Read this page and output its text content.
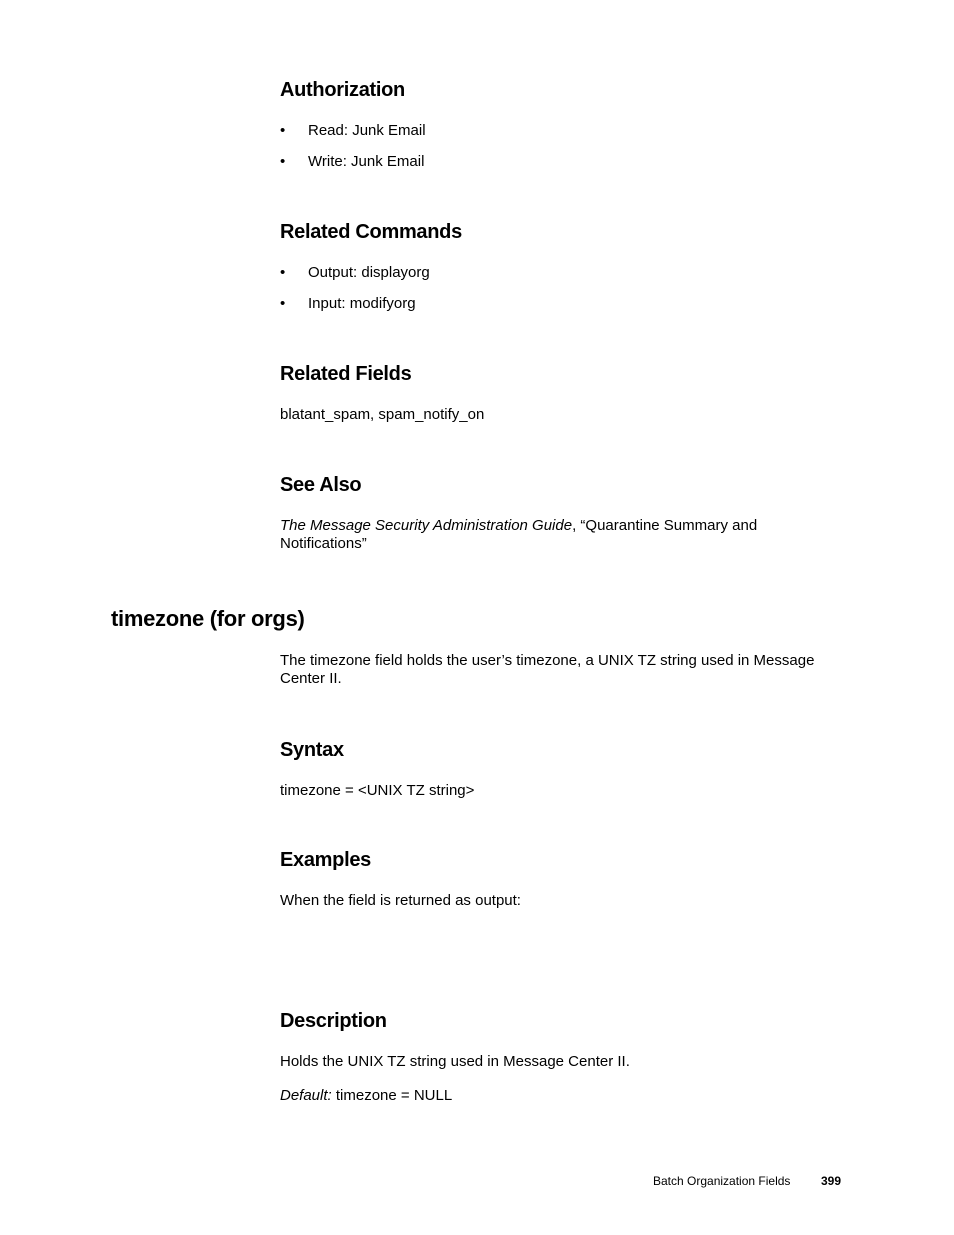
Authorization
• Read: Junk Email
• Write: Junk Email
Related Commands
• Output: displayorg
• Input: modifyorg
Related Fields

blatant_spam, spam_notify_on

See Also

The Message Security Administration Guide, “Quarantine Summary and
Notifications”

timezone (for orgs)

The timezone field holds the user’s timezone, a UNIX TZ string used in Message
Center II.

Syntax

timezone = <UNIX TZ string>

Examples

When the field is returned as output:

Description

Holds the UNIX TZ string used in Message Center II.

Default: timezone = NULL

Batch Organization Fields	399
